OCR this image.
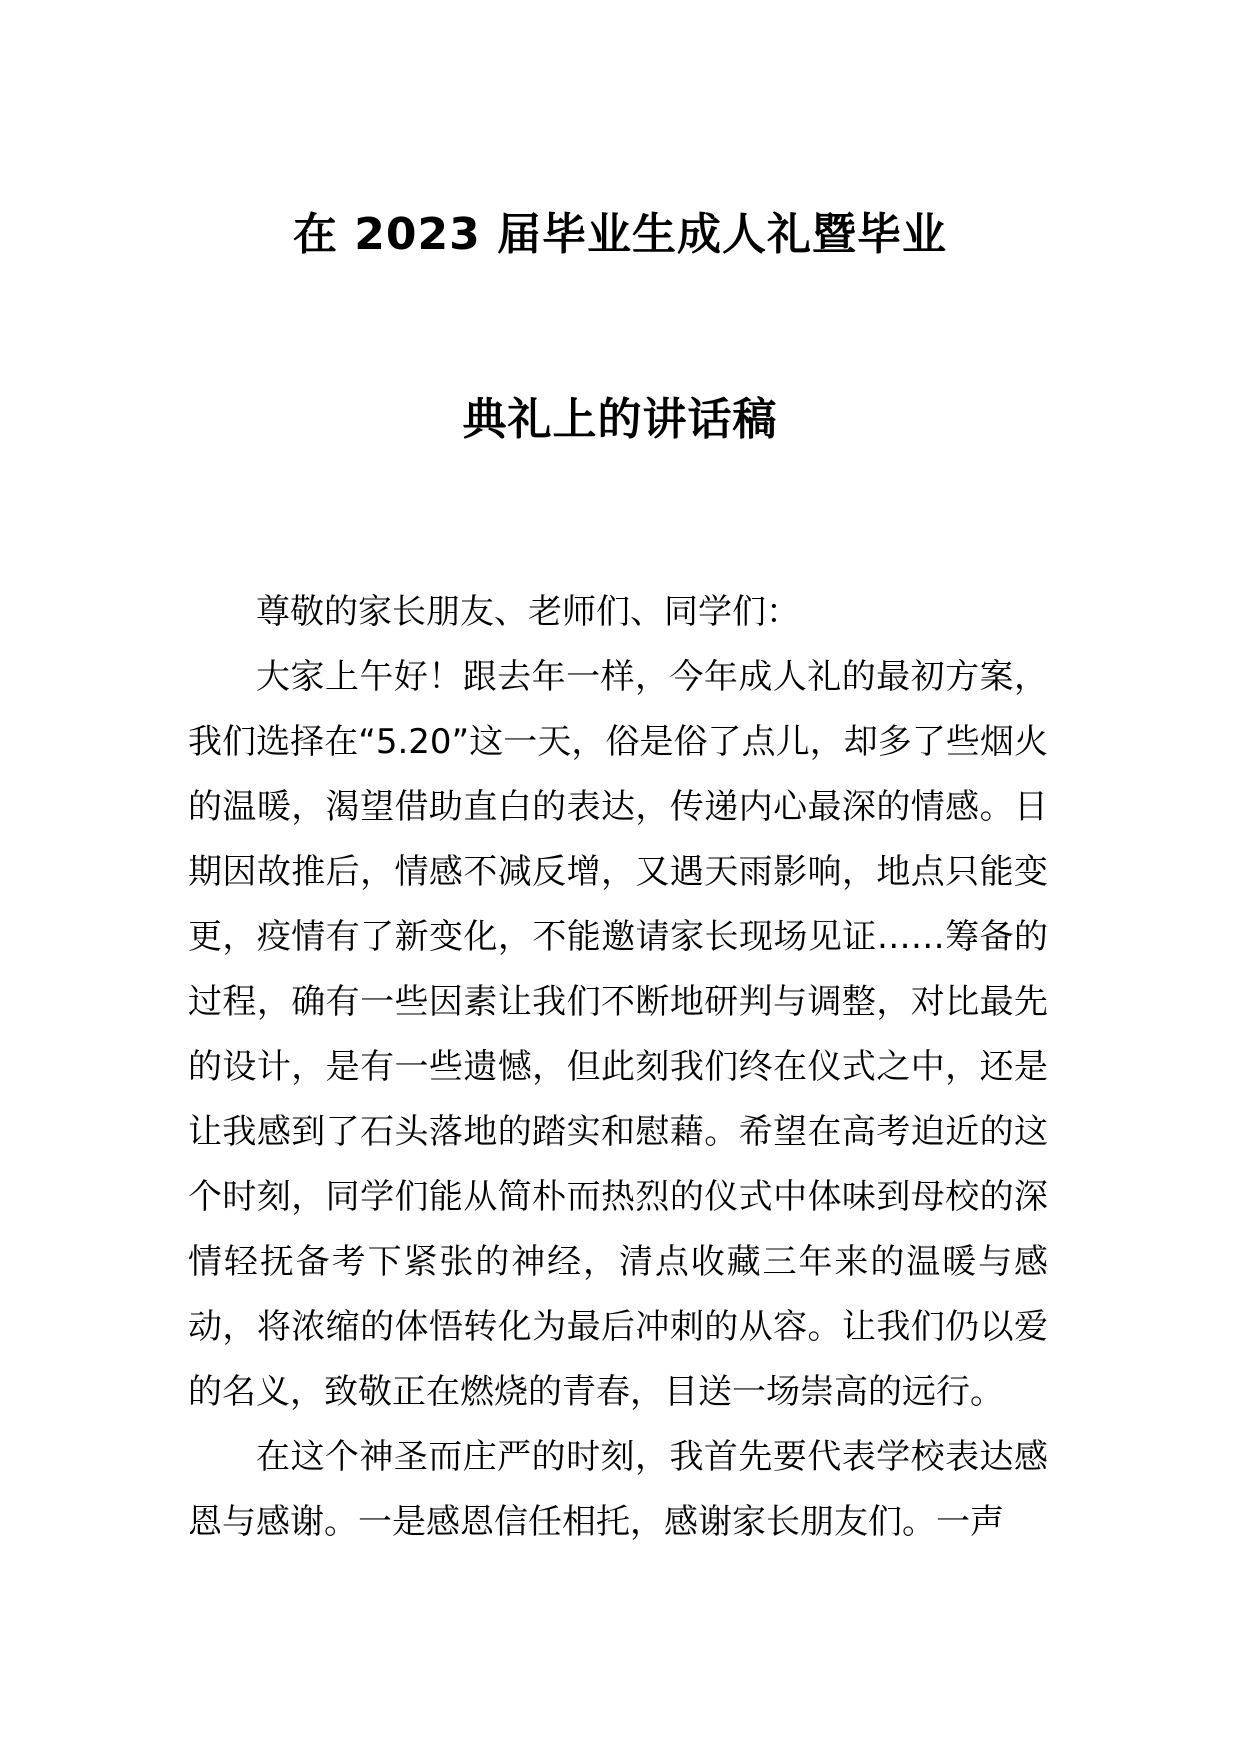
在 2023 届毕业生成人礼暨毕业
典礼上的讲话稿

尊敬的家长朋友、老师们、同学们：

大家上午好！跟去年一样，今年成人礼的最初方案，我们选择在“5.20”这一天，俗是俗了点儿，却多了些烟火的温暖，渴望借助直白的表达，传递内心最深的情感。日期因故推后，情感不减反增，又遇天雨影响，地点只能变更，疫情有了新变化，不能邀请家长现场见证……筹备的过程，确有一些因素让我们不断地研判与调整，对比最先的设计，是有一些遗憾，但此刻我们终在仪式之中，还是让我感到了石头落地的踏实和慰藉。希望在高考迫近的这个时刻，同学们能从简朴而热烈的仪式中体味到母校的深情轻抚备考下紧张的神经，清点收藏三年来的温暖与感动，将浓缩的体悟转化为最后冲刺的从容。让我们仍以爱的名义，致敬正在燃烧的青春，目送一场崇高的远行。

在这个神圣而庄严的时刻，我首先要代表学校表达感恩与感谢。一是感恩信任相托，感谢家长朋友们。一声
